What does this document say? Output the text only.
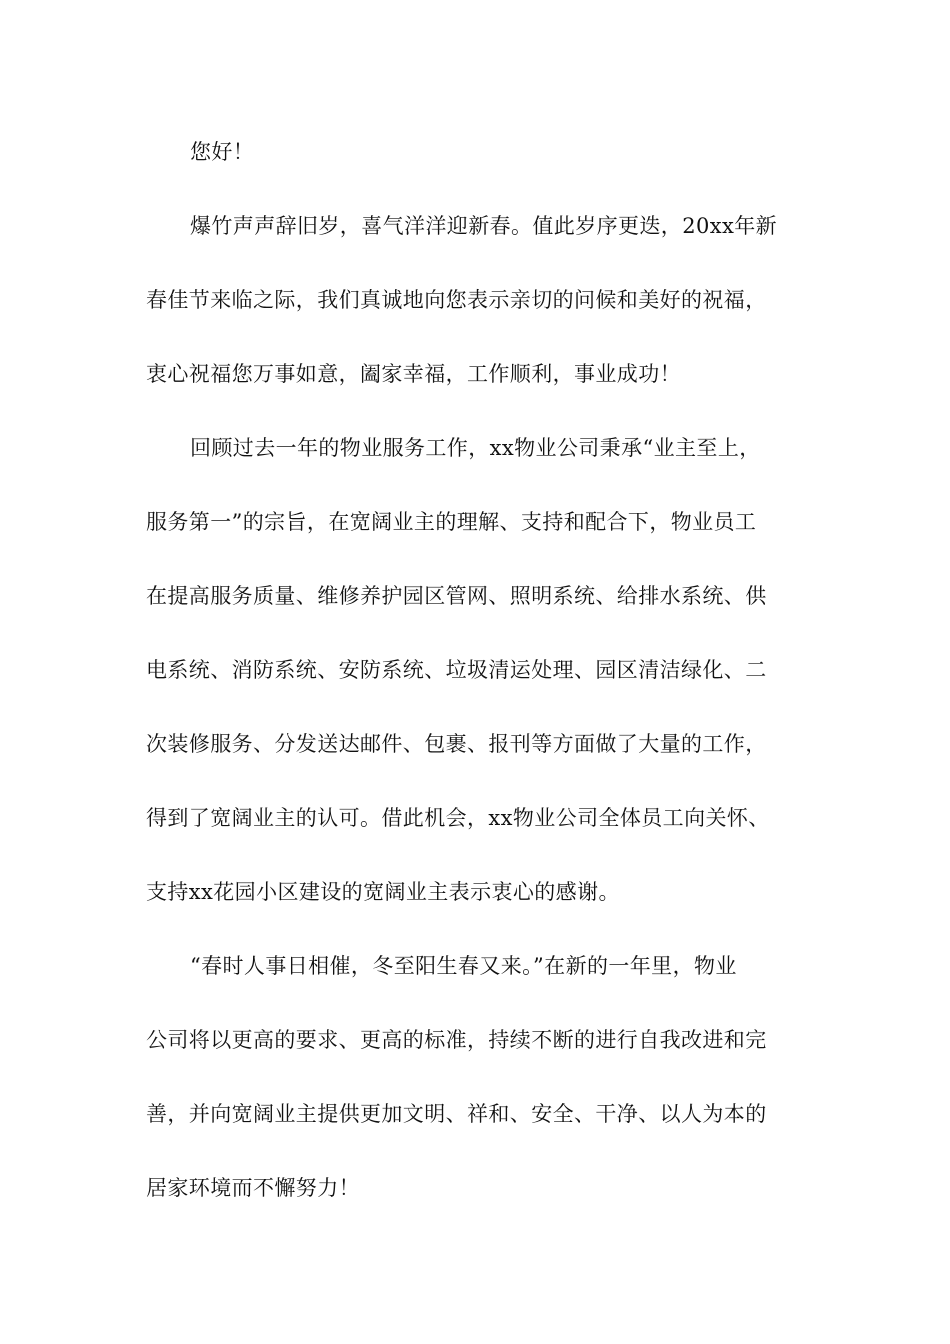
您好！
爆竹声声辞旧岁，喜气洋洋迎新春。值此岁序更迭，20xx年新
春佳节来临之际，我们真诚地向您表示亲切的问候和美好的祝福，
衷心祝福您万事如意，阖家幸福，工作顺利，事业成功！
回顾过去一年的物业服务工作，xx物业公司秉承“业主至上，
服务第一”的宗旨，在宽阔业主的理解、支持和配合下，物业员工
在提高服务质量、维修养护园区管网、照明系统、给排水系统、供
电系统、消防系统、安防系统、垃圾清运处理、园区清洁绿化、二
次装修服务、分发送达邮件、包裹、报刊等方面做了大量的工作，
得到了宽阔业主的认可。借此机会，xx物业公司全体员工向关怀、
支持xx花园小区建设的宽阔业主表示衷心的感谢。
“春时人事日相催，冬至阳生春又来。”在新的一年里，物业
公司将以更高的要求、更高的标准，持续不断的进行自我改进和完
善，并向宽阔业主提供更加文明、祥和、安全、干净、以人为本的
居家环境而不懈努力！
